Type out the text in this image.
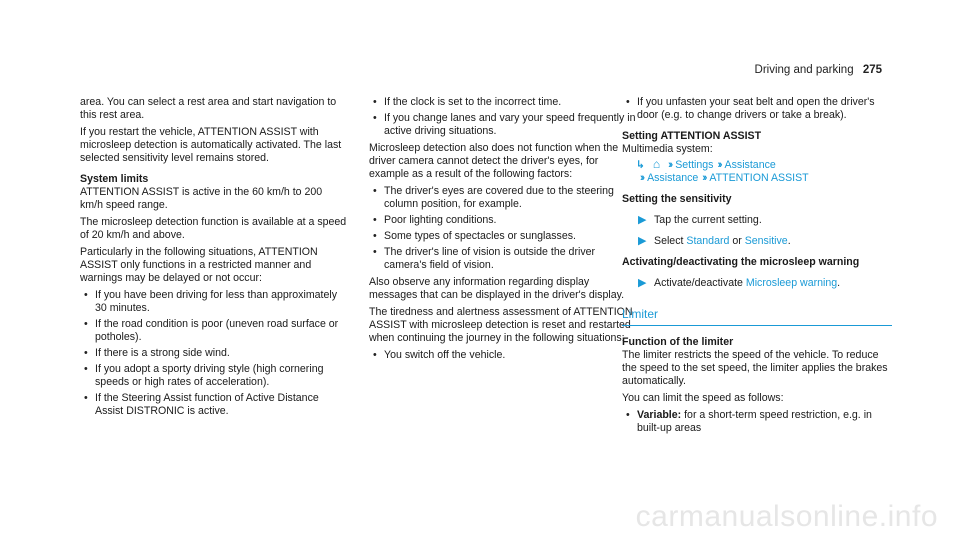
Driving and parking 275

area. You can select a rest area and start navigation to this rest area.

If you restart the vehicle, ATTENTION ASSIST with microsleep detection is automatically activated. The last selected sensitivity level remains stored.

System limits

ATTENTION ASSIST is active in the 60 km/h to 200 km/h speed range.

The microsleep detection function is available at a speed of 20 km/h and above.

Particularly in the following situations, ATTENTION ASSIST only functions in a restricted manner and warnings may be delayed or not occur:

• If you have been driving for less than approximately 30 minutes.
• If the road condition is poor (uneven road surface or potholes).
• If there is a strong side wind.
• If you adopt a sporty driving style (high cornering speeds or high rates of acceleration).
• If the Steering Assist function of Active Distance Assist DISTRONIC is active.
• If the clock is set to the incorrect time.
• If you change lanes and vary your speed frequently in active driving situations.

Microsleep detection also does not function when the driver camera cannot detect the driver's eyes, for example as a result of the following factors:

• The driver's eyes are covered due to the steering column position, for example.
• Poor lighting conditions.
• Some types of spectacles or sunglasses.
• The driver's line of vision is outside the driver camera's field of vision.

Also observe any information regarding display messages that can be displayed in the driver's display.

The tiredness and alertness assessment of ATTENTION ASSIST with microsleep detection is reset and restarted when continuing the journey in the following situations:

• You switch off the vehicle.
• If you unfasten your seat belt and open the driver's door (e.g. to change drivers or take a break).

Setting ATTENTION ASSIST

Multimedia system:

↳ ⌂ ›› Settings ›› Assistance
›› Assistance ›› ATTENTION ASSIST

Setting the sensitivity

▶ Tap the current setting.
▶ Select Standard or Sensitive.

Activating/deactivating the microsleep warning

▶ Activate/deactivate Microsleep warning.
Limiter

Function of the limiter

The limiter restricts the speed of the vehicle. To reduce the speed to the set speed, the limiter applies the brakes automatically.

You can limit the speed as follows:

• Variable: for a short-term speed restriction, e.g. in built-up areas
carmanualsonline.info
